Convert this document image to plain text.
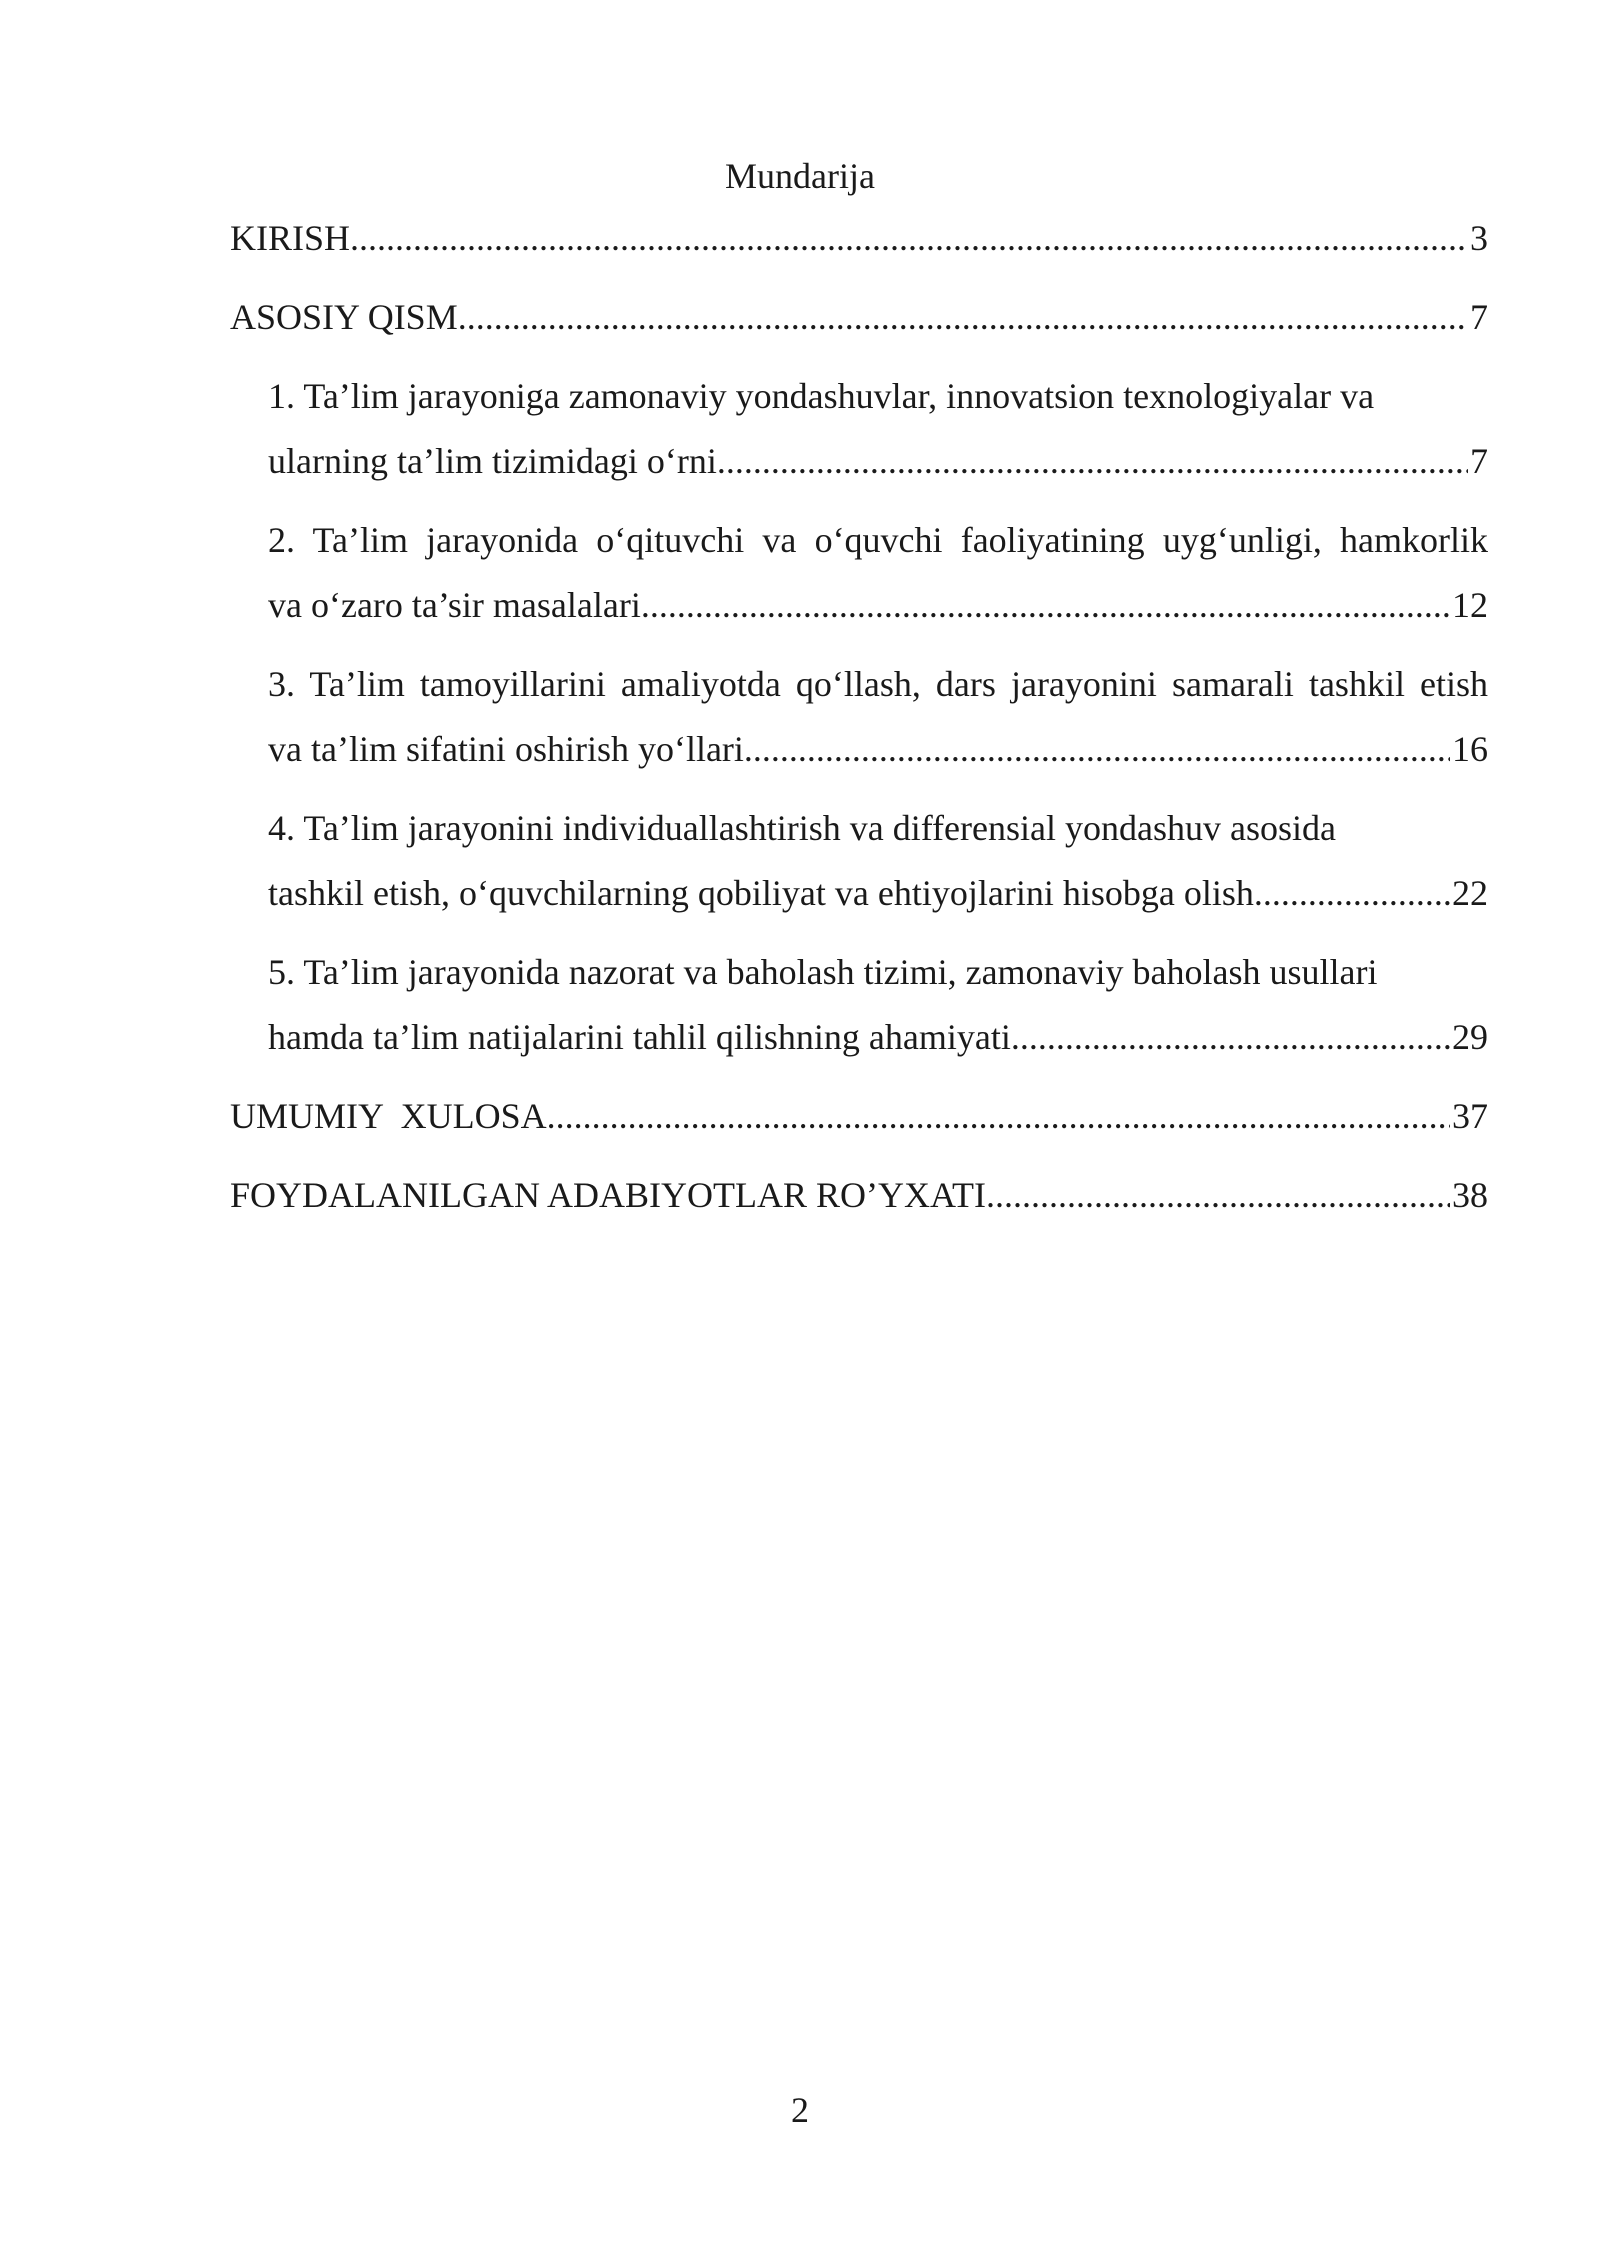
Mundarija
KIRISH .....	3
ASOSIY QISM .....	7
1. Ta’lim jarayoniga zamonaviy yondashuvlar, innovatsion texnologiyalar va
ularning ta’lim tizimidagi o‘rni .....	7
2. Ta’lim jarayonida o‘qituvchi va o‘quvchi faoliyatining uyg‘unligi, hamkorlik
va o‘zaro ta’sir masalalari .....	12
3. Ta’lim tamoyillarini amaliyotda qo‘llash, dars jarayonini samarali tashkil etish
va ta’lim sifatini oshirish yo‘llari .....	16
4. Ta’lim jarayonini individuallashtirish va differensial yondashuv asosida
tashkil etish, o‘quvchilarning qobiliyat va ehtiyojlarini hisobga olish .....	22
5. Ta’lim jarayonida nazorat va baholash tizimi, zamonaviy baholash usullari
hamda ta’lim natijalarini tahlil qilishning ahamiyati .....	29
UMUMIY  XULOSA .....	37
FOYDALANILGAN ADABIYOTLAR RO’YXATI .....	38
2
